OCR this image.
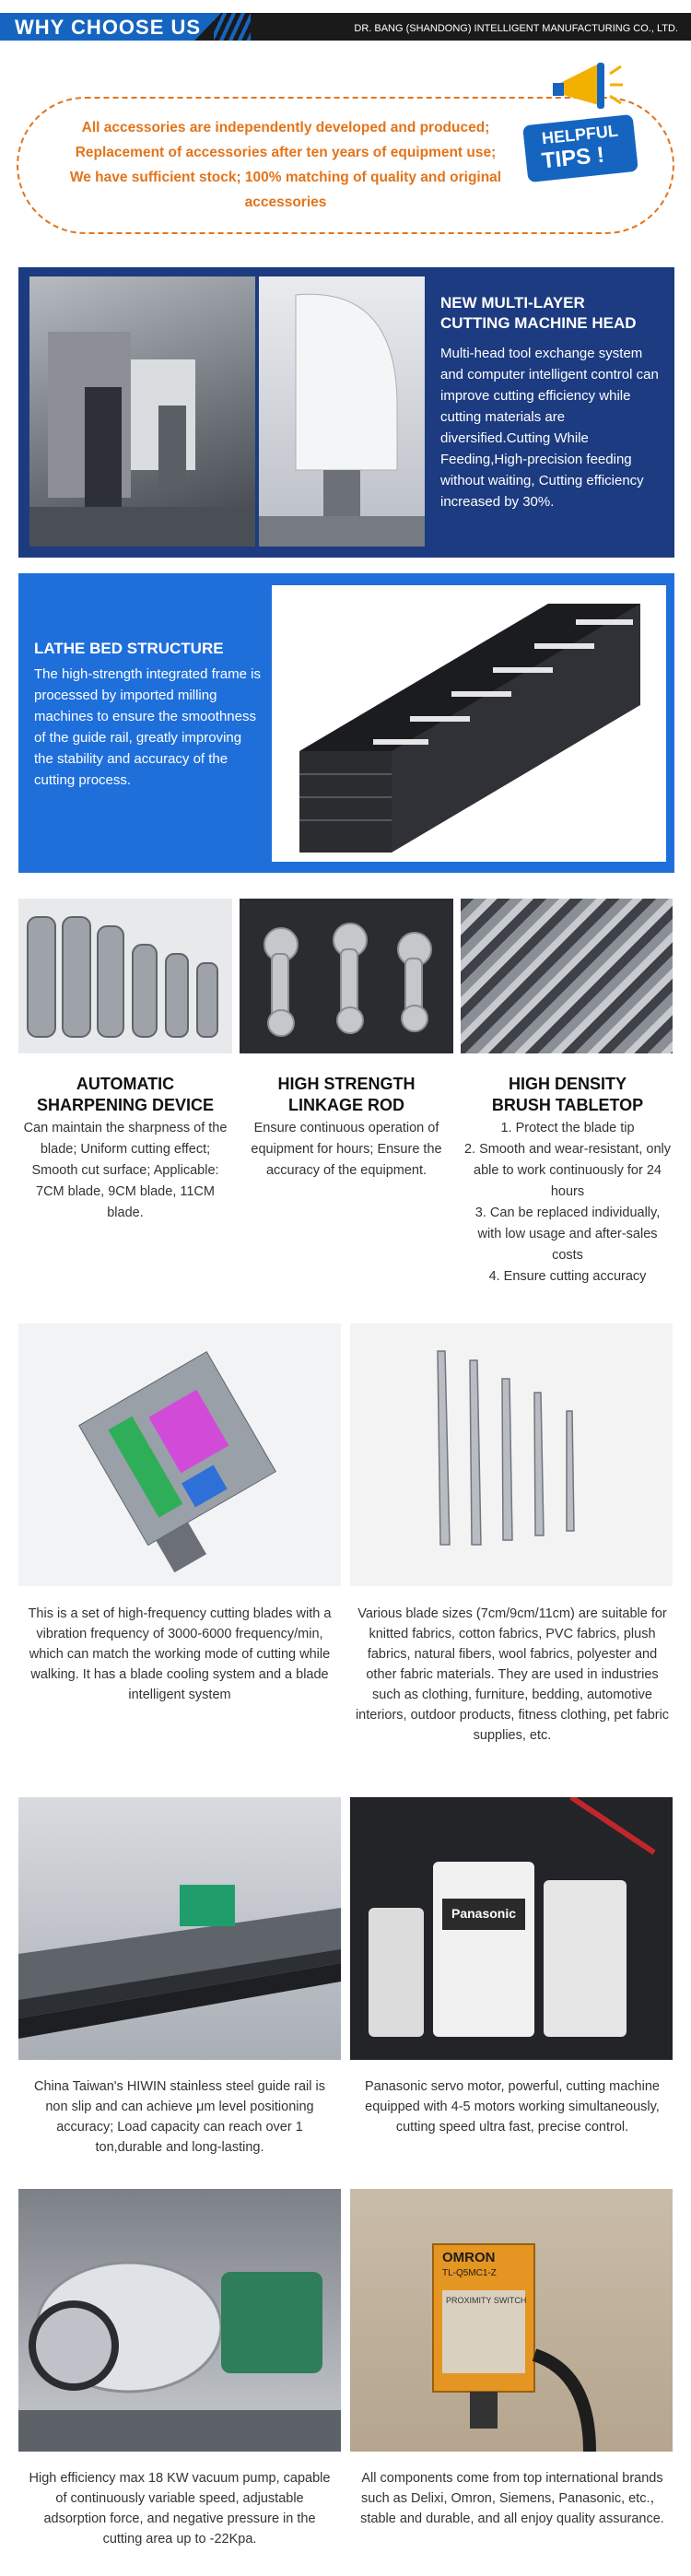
WHY CHOOSE US	DR. BANG (SHANDONG) INTELLIGENT MANUFACTURING CO., LTD.
All accessories are independently developed and produced; Replacement of accessories after ten years of equipment use; We have sufficient stock; 100% matching of quality and original accessories
HELPFUL
TIPS !
NEW MULTI-LAYER
CUTTING MACHINE HEAD
Multi-head tool exchange system and computer intelligent control can improve cutting efficiency while cutting materials are diversified.Cutting While Feeding,High-precision feeding without waiting, Cutting efficiency increased by 30%.
LATHE BED STRUCTURE
The high-strength integrated frame is processed by imported milling machines to ensure the smoothness of the guide rail, greatly improving the stability and accuracy of the cutting process.
AUTOMATIC
SHARPENING DEVICE
Can maintain the sharpness of the blade; Uniform cutting effect; Smooth cut surface; Applicable: 7CM blade, 9CM blade, 11CM blade.
HIGH STRENGTH
LINKAGE ROD
Ensure continuous operation of equipment for hours; Ensure the accuracy of the equipment.
HIGH DENSITY
BRUSH TABLETOP
1. Protect the blade tip
2. Smooth and wear-resistant, only able to work continuously for 24 hours
3. Can be replaced individually, with low usage and after-sales costs
4. Ensure cutting accuracy
This is a set of high-frequency cutting blades with a vibration frequency of 3000-6000 frequency/min, which can match the working mode of cutting while walking. It has a blade cooling system and a blade intelligent system
Various blade sizes (7cm/9cm/11cm) are suitable for knitted fabrics, cotton fabrics, PVC fabrics, plush fabrics, natural fibers, wool fabrics, polyester and other fabric materials. They are used in industries such as clothing, furniture, bedding, automotive interiors, outdoor products, fitness clothing, pet fabric supplies, etc.
Panasonic
China Taiwan's HIWIN stainless steel guide rail is non slip and can achieve μm level positioning accuracy; Load capacity can reach over 1 ton,durable and long-lasting.
Panasonic servo motor, powerful, cutting machine equipped with 4-5 motors working simultaneously, cutting speed ultra fast, precise control.
OMRON
TL-Q5MC1-Z
PROXIMITY SWITCH
High efficiency max 18 KW vacuum pump, capable of continuously variable speed, adjustable adsorption force, and negative pressure in the cutting area up to -22Kpa.
All components come from top international brands such as Delixi, Omron, Siemens, Panasonic, etc.，stable and durable, and all enjoy quality assurance.
